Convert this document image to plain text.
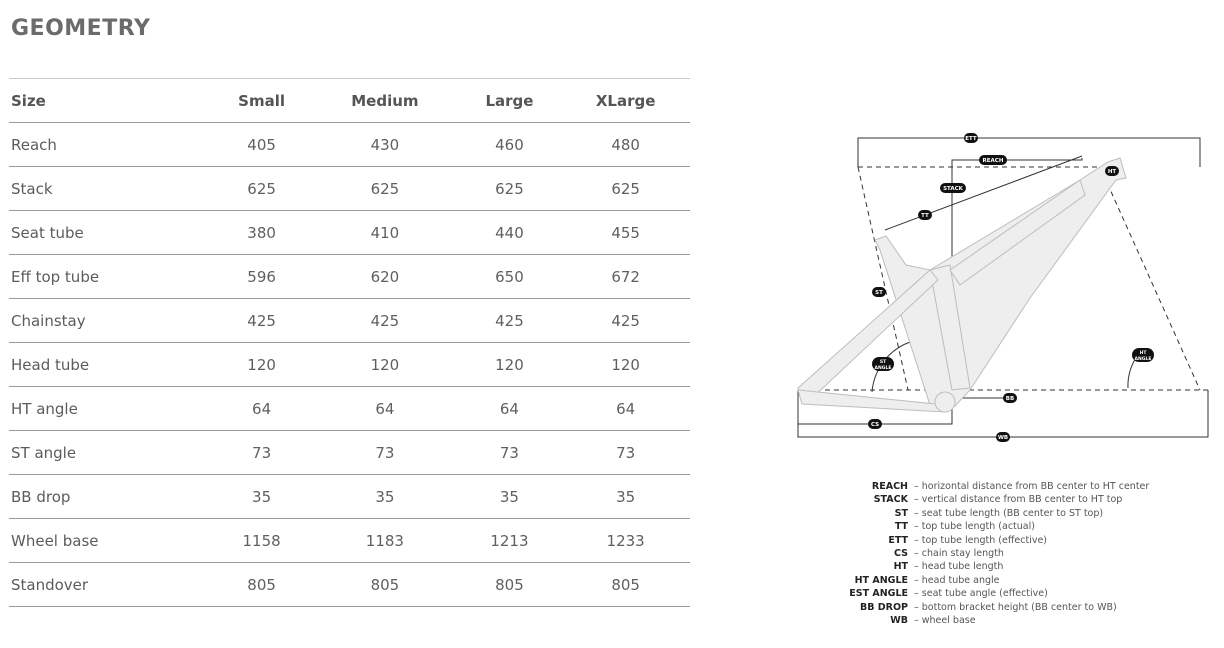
GEOMETRY
Size	Small	Medium	Large	XLarge
Reach	405	430	460	480
Stack	625	625	625	625
Seat tube	380	410	440	455
Eff top tube	596	620	650	672
Chainstay	425	425	425	425
Head tube	120	120	120	120
HT angle	64	64	64	64
ST angle	73	73	73	73
BB drop	35	35	35	35
Wheel base	1158	1183	1213	1233
Standover	805	805	805	805
ETT
REACH
STACK
TT
HT
ST
ST
ANGLE
HT
ANGLE
BB
CS
WB
REACH – horizontal distance from BB center to HT center
STACK – vertical distance from BB center to HT top
ST – seat tube length (BB center to ST top)
TT – top tube length (actual)
ETT – top tube length (effective)
CS – chain stay length
HT – head tube length
HT ANGLE – head tube angle
EST ANGLE – seat tube angle (effective)
BB DROP – bottom bracket height (BB center to WB)
WB – wheel base
